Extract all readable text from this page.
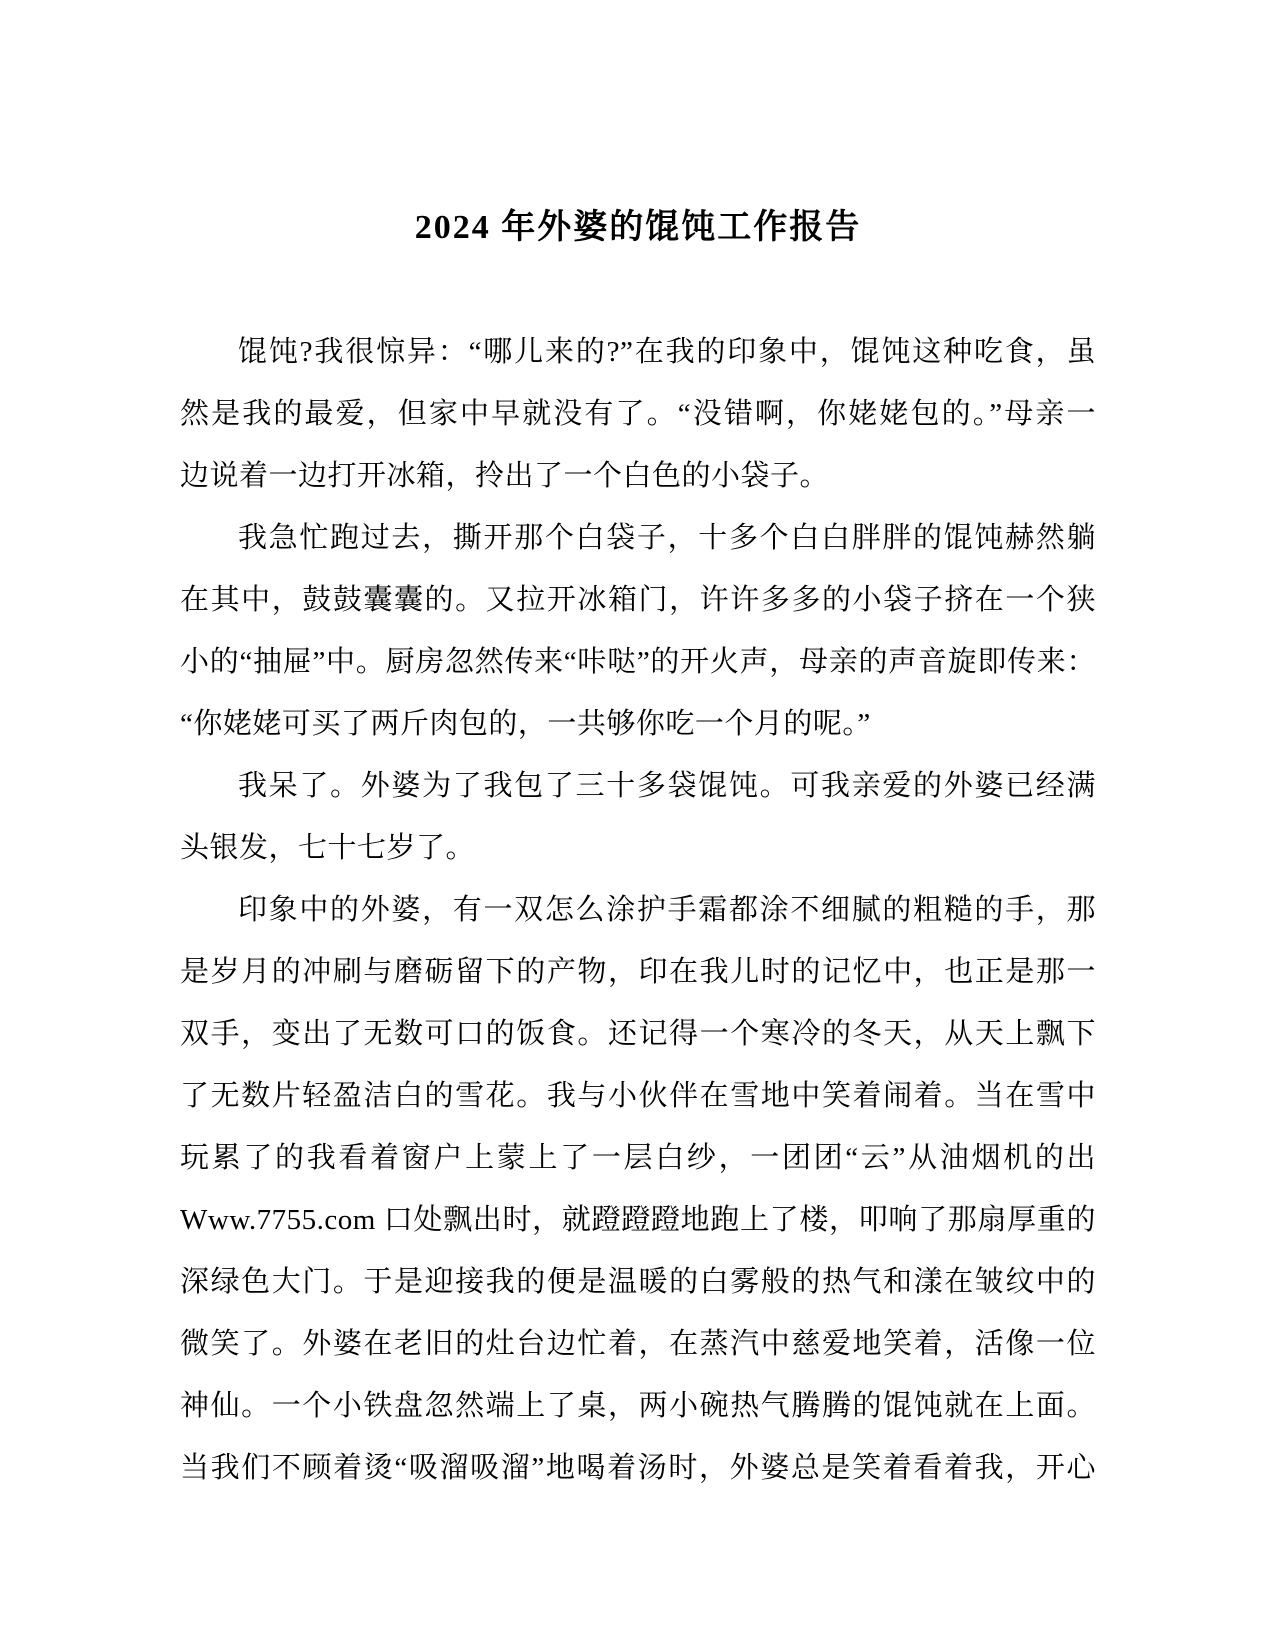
2024 年外婆的馄饨工作报告
馄饨?我很惊异：“哪儿来的?”在我的印象中，馄饨这种吃食，虽
然是我的最爱，但家中早就没有了。“没错啊，你姥姥包的。”母亲一
边说着一边打开冰箱，拎出了一个白色的小袋子。
我急忙跑过去，撕开那个白袋子，十多个白白胖胖的馄饨赫然躺
在其中，鼓鼓囊囊的。又拉开冰箱门，许许多多的小袋子挤在一个狭
小的“抽屉”中。厨房忽然传来“咔哒”的开火声，母亲的声音旋即传来：
“你姥姥可买了两斤肉包的，一共够你吃一个月的呢。”
我呆了。外婆为了我包了三十多袋馄饨。可我亲爱的外婆已经满
头银发，七十七岁了。
印象中的外婆，有一双怎么涂护手霜都涂不细腻的粗糙的手，那
是岁月的冲刷与磨砺留下的产物，印在我儿时的记忆中，也正是那一
双手，变出了无数可口的饭食。还记得一个寒冷的冬天，从天上飘下
了无数片轻盈洁白的雪花。我与小伙伴在雪地中笑着闹着。当在雪中
玩累了的我看着窗户上蒙上了一层白纱，一团团“云”从油烟机的出
Www.7755.com 口处飘出时，就蹬蹬蹬地跑上了楼，叩响了那扇厚重的
深绿色大门。于是迎接我的便是温暖的白雾般的热气和漾在皱纹中的
微笑了。外婆在老旧的灶台边忙着，在蒸汽中慈爱地笑着，活像一位
神仙。一个小铁盘忽然端上了桌，两小碗热气腾腾的馄饨就在上面。
当我们不顾着烫“吸溜吸溜”地喝着汤时，外婆总是笑着看着我，开心
